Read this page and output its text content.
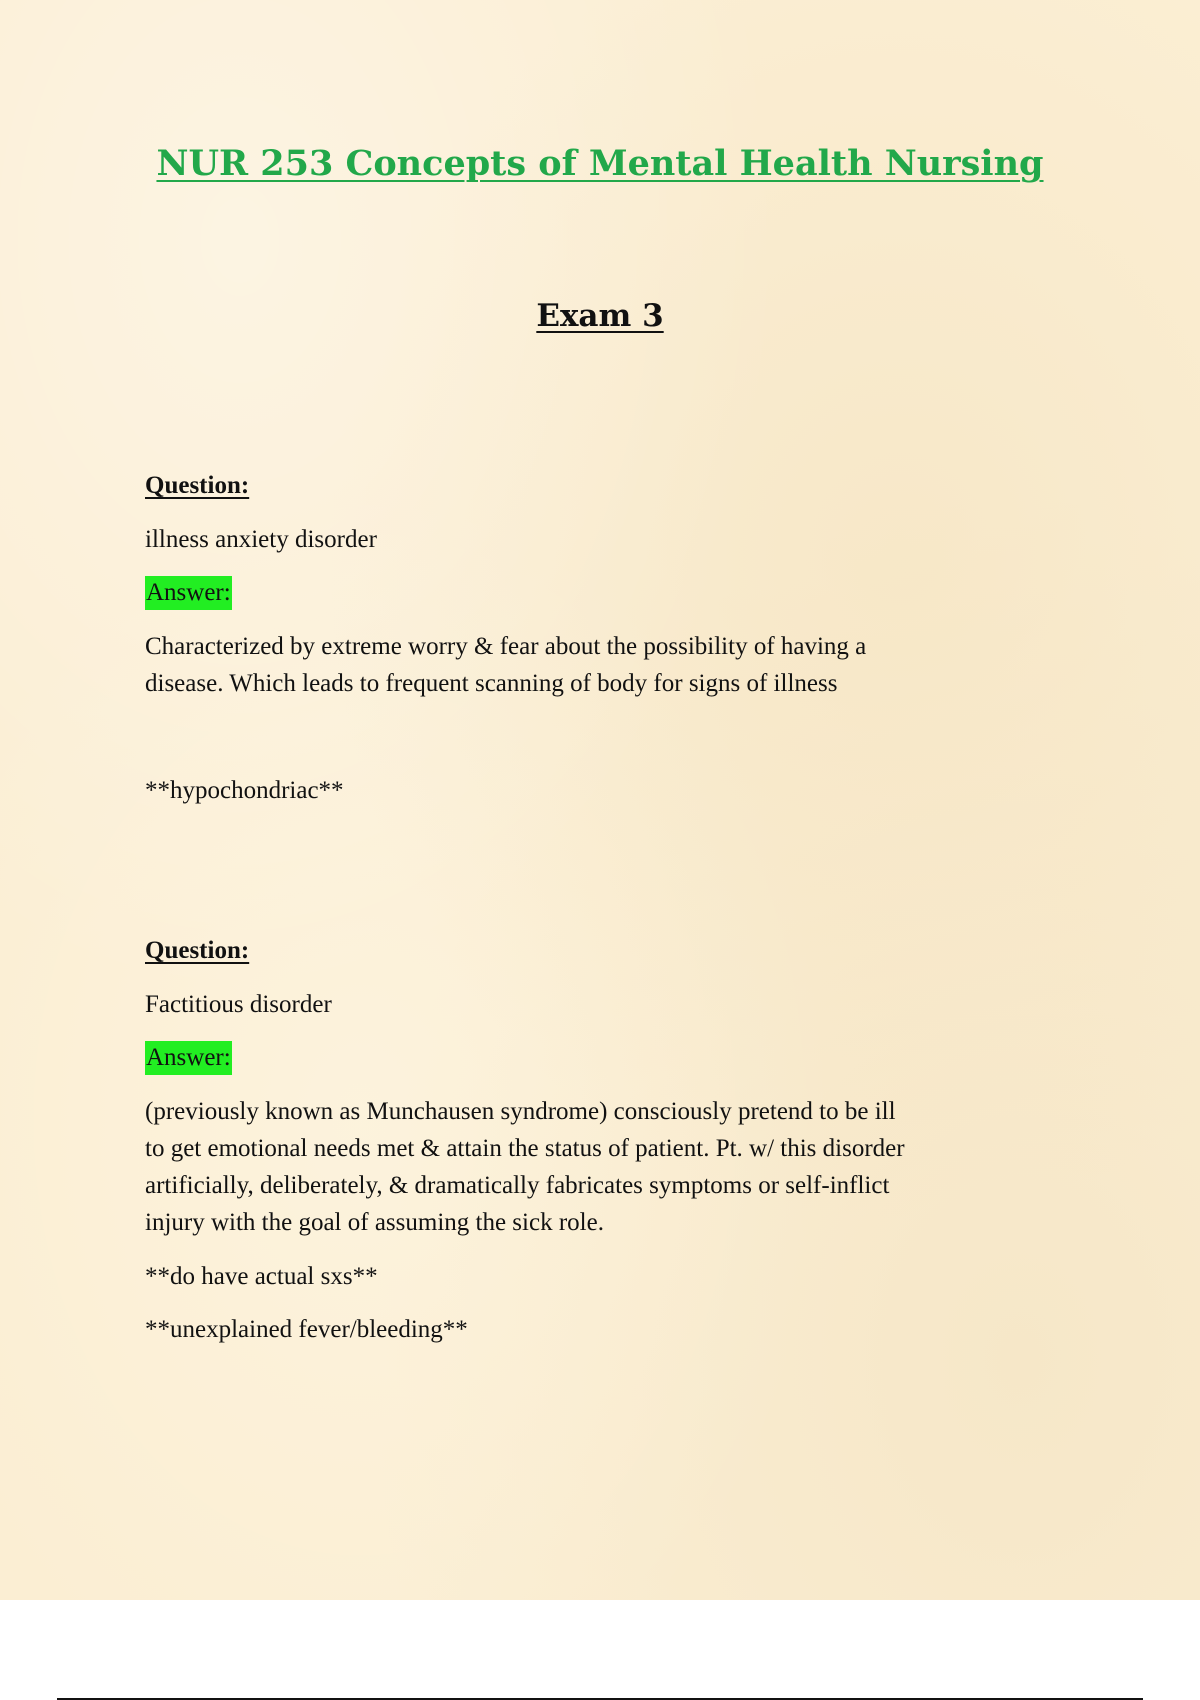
NUR 253 Concepts of Mental Health Nursing
Exam 3
Question:
illness anxiety disorder
Answer:

Characterized by extreme worry & fear about the possibility of having a

disease. Which leads to frequent scanning of body for signs of illness

**hypochondriac**
Question:
Factitious disorder
Answer:

(previously known as Munchausen syndrome) consciously pretend to be ill

to get emotional needs met & attain the status of patient. Pt. w/ this disorder

artificially, deliberately, & dramatically fabricates symptoms or self-inflict

injury with the goal of assuming the sick role.

**do have actual sxs**
**unexplained fever/bleeding**
